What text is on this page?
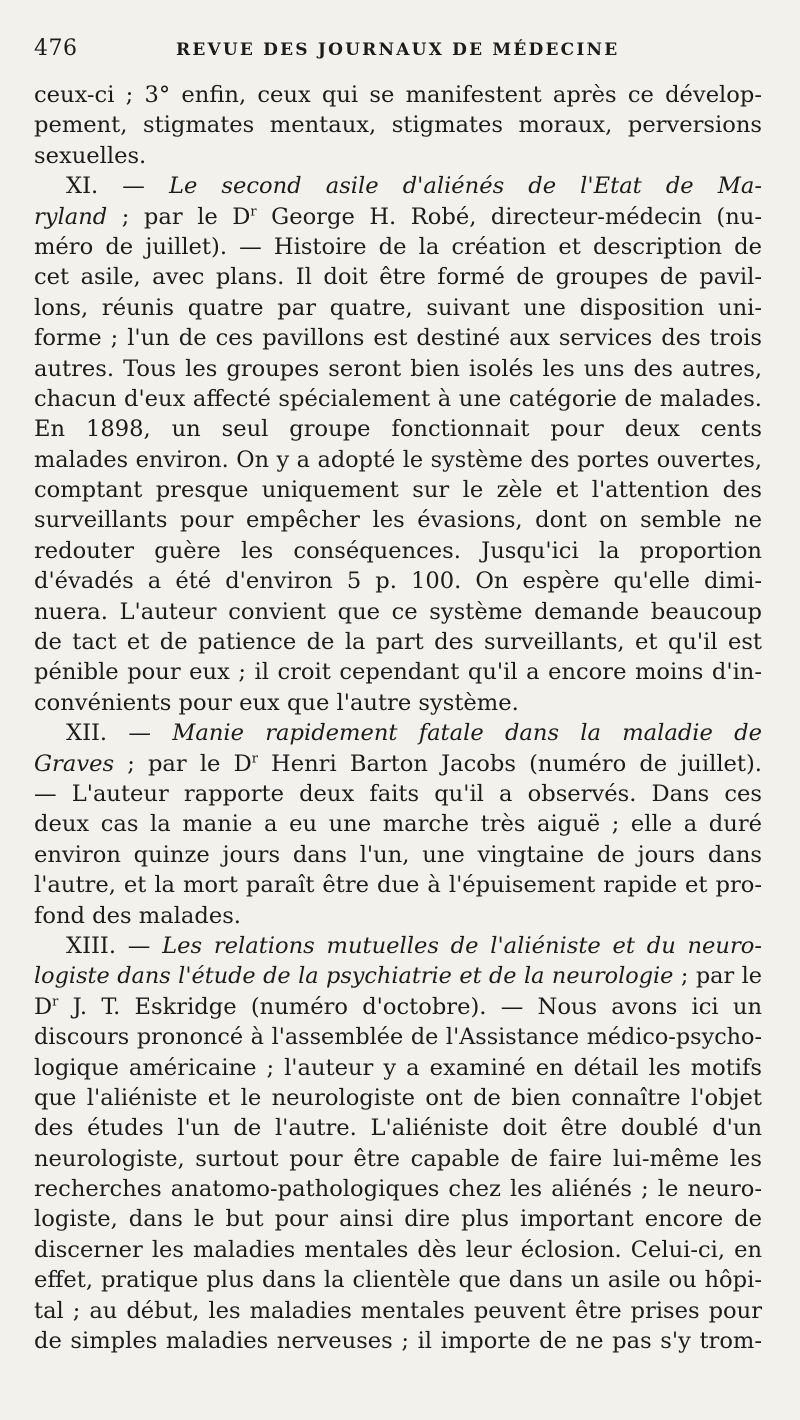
476	REVUE DES JOURNAUX DE MÉDECINE
ceux-ci ; 3° enfin, ceux qui se manifestent après ce dévelop-
pement, stigmates mentaux, stigmates moraux, perversions
sexuelles.
XI. — Le second asile d'aliénés de l'Etat de Ma-
ryland ; par le $D^r$ George H. Robé, directeur-médecin (nu-
méro de juillet). — Histoire de la création et description de
cet asile, avec plans. Il doit être formé de groupes de pavil-
lons, réunis quatre par quatre, suivant une disposition uni-
forme ; l'un de ces pavillons est destiné aux services des trois
autres. Tous les groupes seront bien isolés les uns des autres,
chacun d'eux affecté spécialement à une catégorie de malades.
En 1898, un seul groupe fonctionnait pour deux cents
malades environ. On y a adopté le système des portes ouvertes,
comptant presque uniquement sur le zèle et l'attention des
surveillants pour empêcher les évasions, dont on semble ne
redouter guère les conséquences. Jusqu'ici la proportion
d'évadés a été d'environ 5 p. 100. On espère qu'elle dimi-
nuera. L'auteur convient que ce système demande beaucoup
de tact et de patience de la part des surveillants, et qu'il est
pénible pour eux ; il croit cependant qu'il a encore moins d'in-
convénients pour eux que l'autre système.
XII. — Manie rapidement fatale dans la maladie de
Graves ; par le $D^r$ Henri Barton Jacobs (numéro de juillet).
— L'auteur rapporte deux faits qu'il a observés. Dans ces
deux cas la manie a eu une marche très aiguë ; elle a duré
environ quinze jours dans l'un, une vingtaine de jours dans
l'autre, et la mort paraît être due à l'épuisement rapide et pro-
fond des malades.
XIII. — Les relations mutuelles de l'aliéniste et du neuro-
logiste dans l'étude de la psychiatrie et de la neurologie ; par le
$D^r$ J. T. Eskridge (numéro d'octobre). — Nous avons ici un
discours prononcé à l'assemblée de l'Assistance médico-psycho-
logique américaine ; l'auteur y a examiné en détail les motifs
que l'aliéniste et le neurologiste ont de bien connaître l'objet
des études l'un de l'autre. L'aliéniste doit être doublé d'un
neurologiste, surtout pour être capable de faire lui-même les
recherches anatomo-pathologiques chez les aliénés ; le neuro-
logiste, dans le but pour ainsi dire plus important encore de
discerner les maladies mentales dès leur éclosion. Celui-ci, en
effet, pratique plus dans la clientèle que dans un asile ou hôpi-
tal ; au début, les maladies mentales peuvent être prises pour
de simples maladies nerveuses ; il importe de ne pas s'y trom-
